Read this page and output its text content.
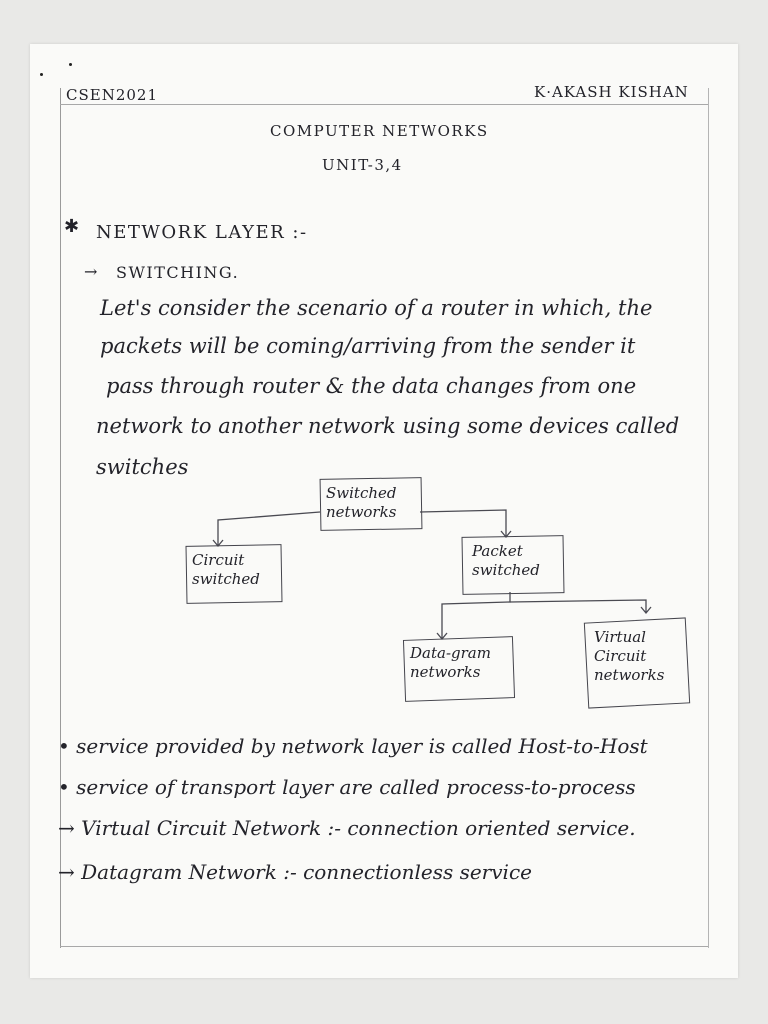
CSEN2021	K·AKASH KISHAN
COMPUTER NETWORKS
UNIT-3,4
✱ NETWORK LAYER :-
→ SWITCHING.
Let's consider the scenario of a router in which, the
packets will be coming/arriving from the sender it
pass through router & the data changes from one
network to another network using some devices called
switches
Switched
networks
Circuit
switched
Packet
switched
Data-gram
networks
Virtual
Circuit
networks
• service provided by network layer is called Host-to-Host
• service of transport layer are called process-to-process
→ Virtual Circuit Network :- connection oriented service.
→ Datagram Network :- connectionless service
